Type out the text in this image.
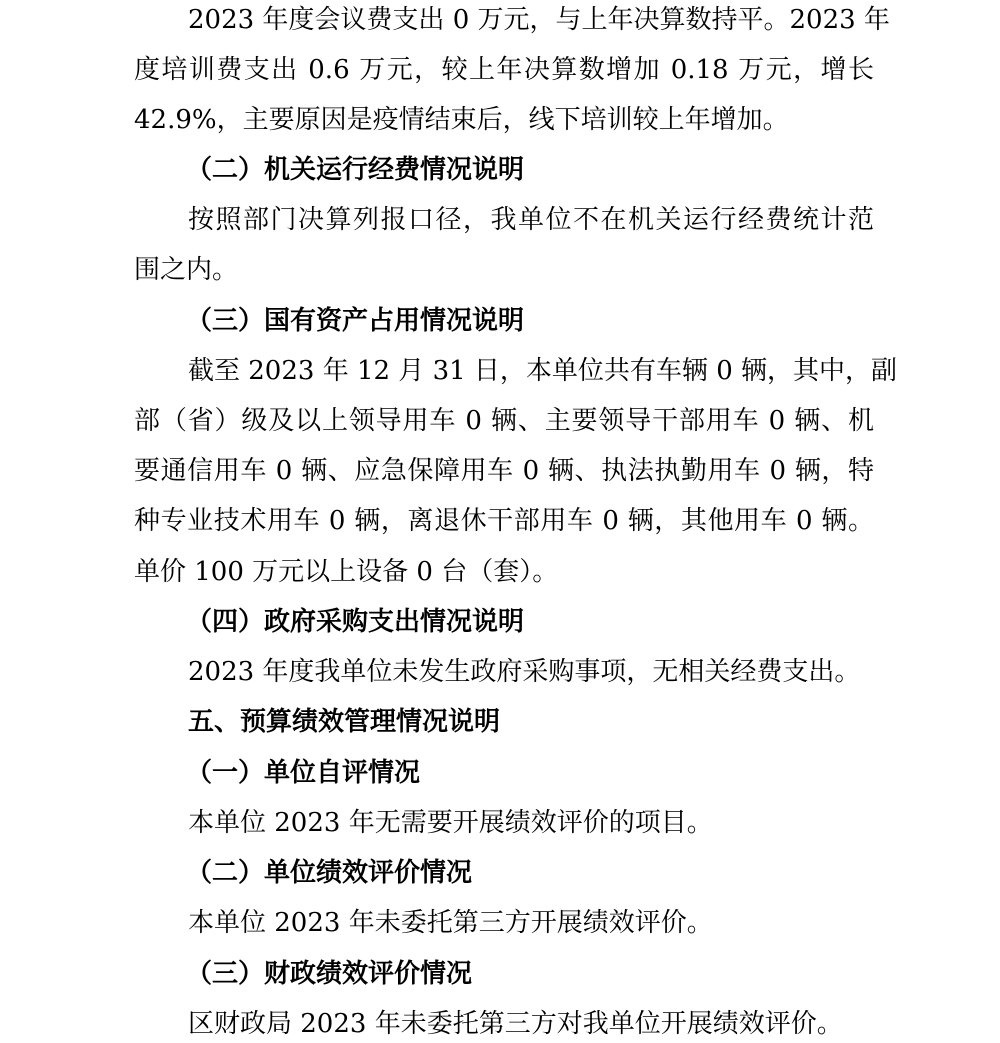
2023 年度会议费支出 0 万元，与上年决算数持平。2023 年
度培训费支出 0.6 万元，较上年决算数增加 0.18 万元，增长
42.9%，主要原因是疫情结束后，线下培训较上年增加。
（二）机关运行经费情况说明
按照部门决算列报口径，我单位不在机关运行经费统计范
围之内。
（三）国有资产占用情况说明
截至 2023 年 12 月 31 日，本单位共有车辆 0 辆，其中，副
部（省）级及以上领导用车 0 辆、主要领导干部用车 0 辆、机
要通信用车 0 辆、应急保障用车 0 辆、执法执勤用车 0 辆，特
种专业技术用车 0 辆，离退休干部用车 0 辆，其他用车 0 辆。
单价 100 万元以上设备 0 台（套）。
（四）政府采购支出情况说明
2023 年度我单位未发生政府采购事项，无相关经费支出。
五、预算绩效管理情况说明
（一）单位自评情况
本单位 2023 年无需要开展绩效评价的项目。
（二）单位绩效评价情况
本单位 2023 年未委托第三方开展绩效评价。
（三）财政绩效评价情况
区财政局 2023 年未委托第三方对我单位开展绩效评价。
